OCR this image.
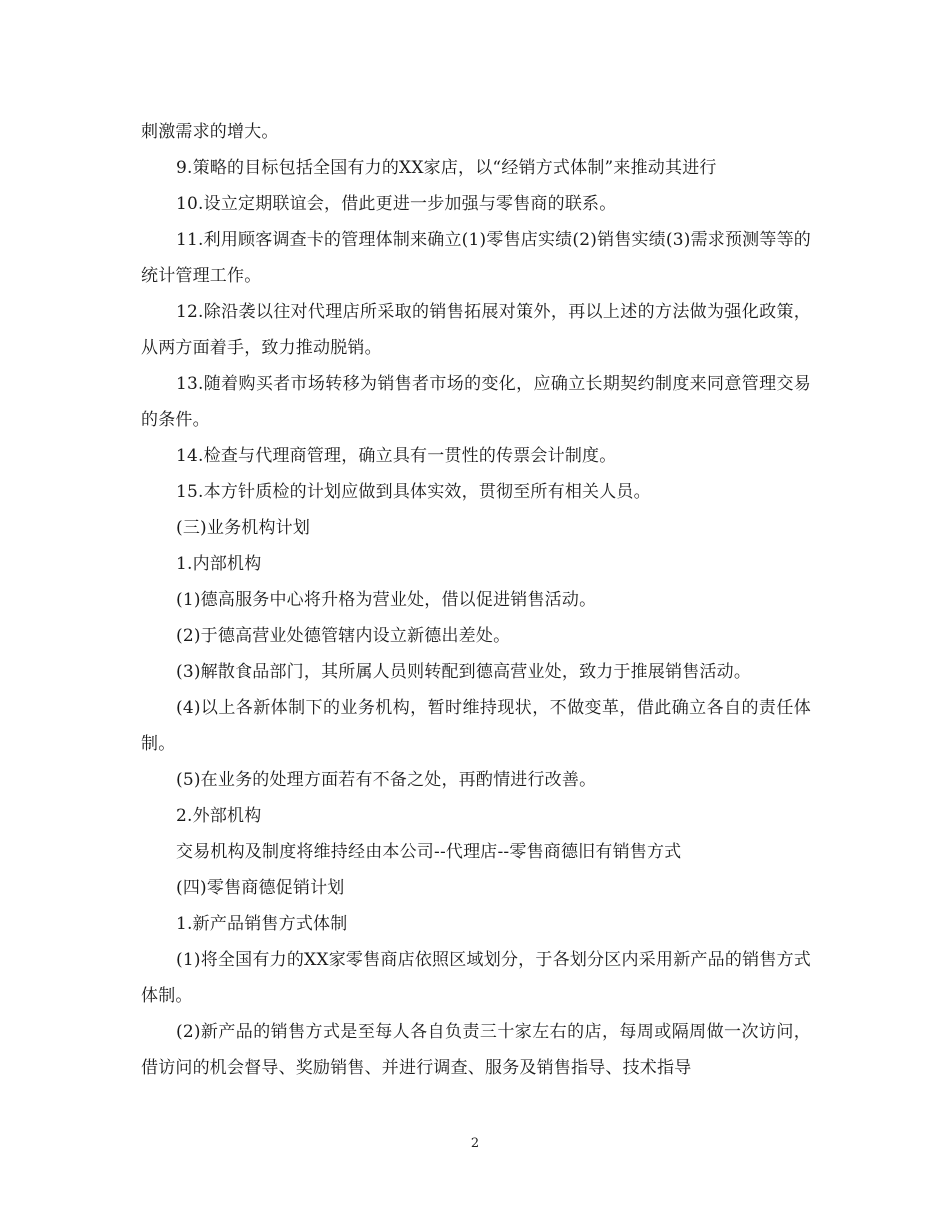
刺激需求的增大。

9.策略的目标包括全国有力的XX家店，以“经销方式体制”来推动其进行

10.设立定期联谊会，借此更进一步加强与零售商的联系。

11.利用顾客调查卡的管理体制来确立(1)零售店实绩(2)销售实绩(3)需求预测等等的统计管理工作。

12.除沿袭以往对代理店所采取的销售拓展对策外，再以上述的方法做为强化政策，从两方面着手，致力推动脱销。

13.随着购买者市场转移为销售者市场的变化，应确立长期契约制度来同意管理交易的条件。

14.检查与代理商管理，确立具有一贯性的传票会计制度。

15.本方针质检的计划应做到具体实效，贯彻至所有相关人员。

(三)业务机构计划

1.内部机构

(1)德高服务中心将升格为营业处，借以促进销售活动。

(2)于德高营业处德管辖内设立新德出差处。

(3)解散食品部门，其所属人员则转配到德高营业处，致力于推展销售活动。

(4)以上各新体制下的业务机构，暂时维持现状，不做变革，借此确立各自的责任体制。

(5)在业务的处理方面若有不备之处，再酌情进行改善。

2.外部机构

交易机构及制度将维持经由本公司--代理店--零售商德旧有销售方式

(四)零售商德促销计划

1.新产品销售方式体制

(1)将全国有力的XX家零售商店依照区域划分，于各划分区内采用新产品的销售方式体制。

(2)新产品的销售方式是至每人各自负责三十家左右的店，每周或隔周做一次访问，借访问的机会督导、奖励销售、并进行调查、服务及销售指导、技术指导

2
